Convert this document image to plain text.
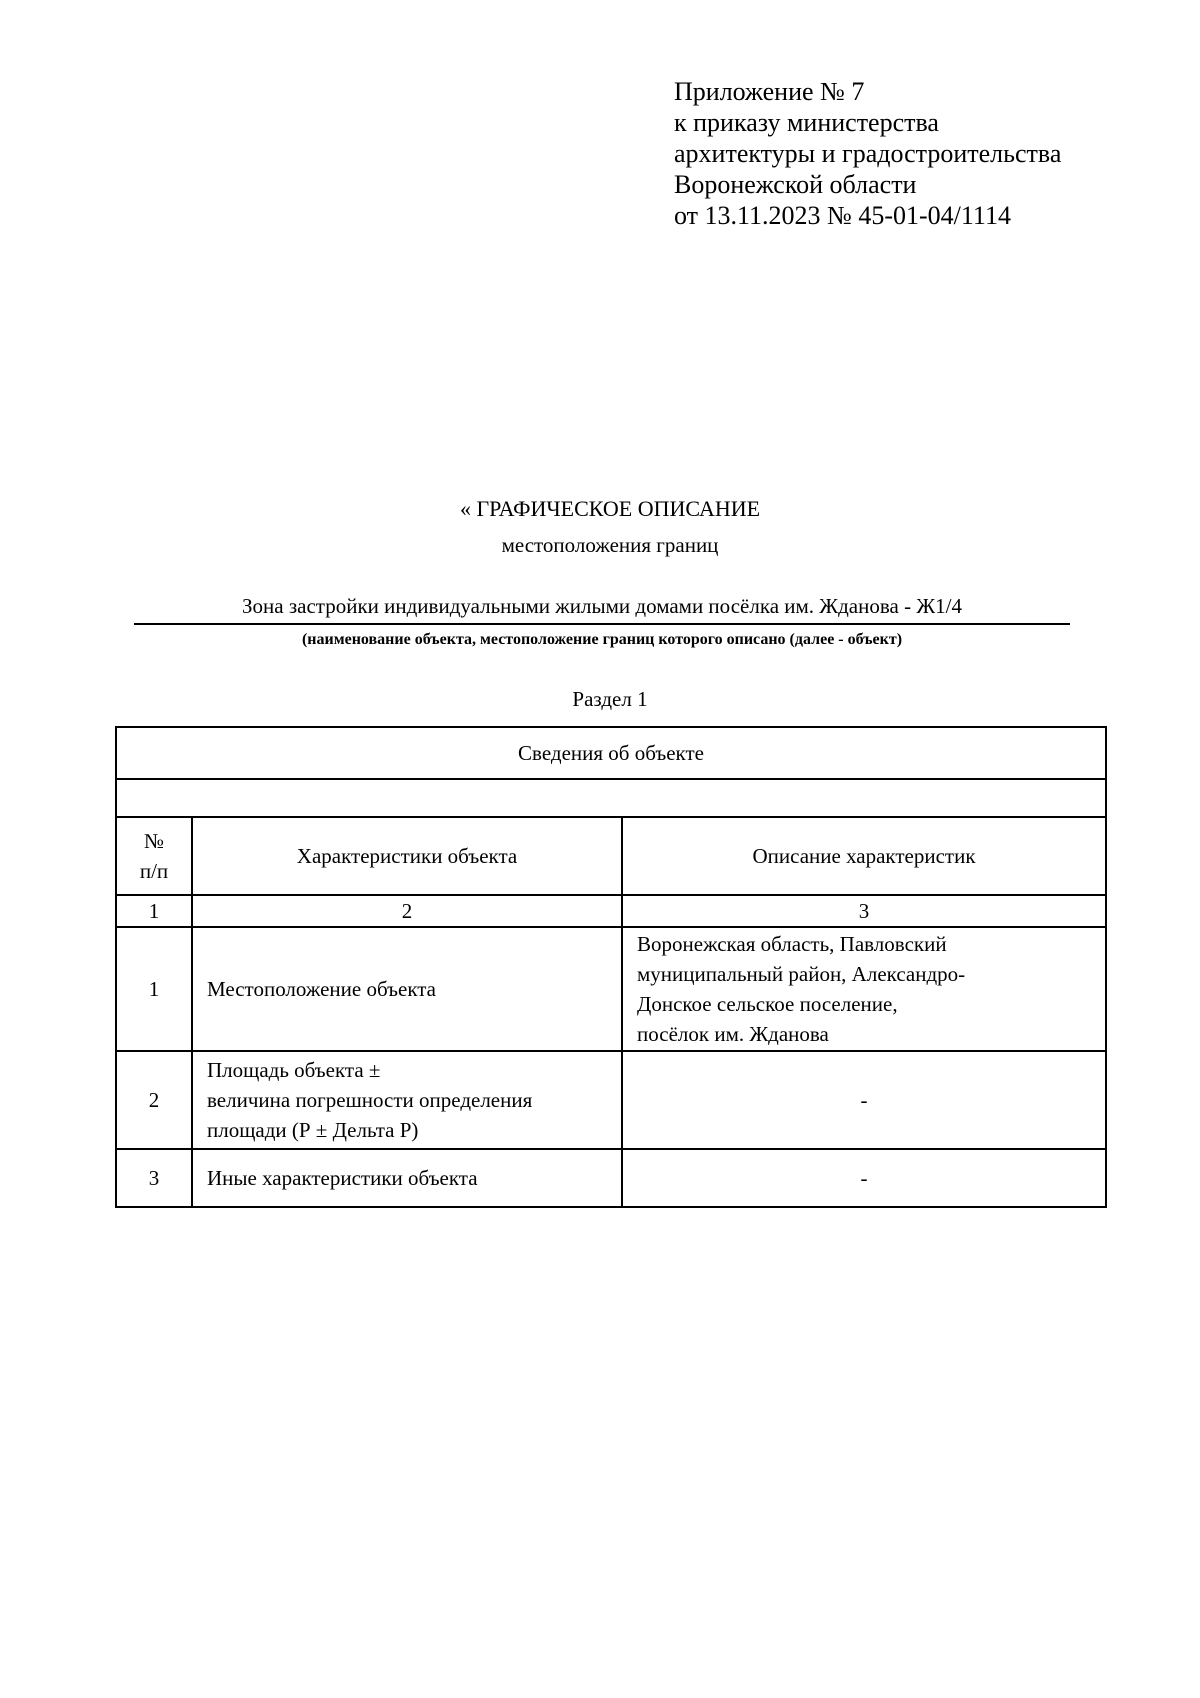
Приложение № 7
к приказу министерства
архитектуры и градостроительства
Воронежской области
от 13.11.2023 № 45-01-04/1114
« ГРАФИЧЕСКОЕ ОПИСАНИЕ
местоположения границ
Зона застройки индивидуальными жилыми домами посёлка им. Жданова - Ж1/4
(наименование объекта, местоположение границ которого описано (далее - объект)
Раздел 1
Сведения об объекте		

№
п/п	Характеристики объекта	Описание характеристик
1	2	3
1	Местоположение объекта	Воронежская область, Павловский
муниципальный район, Александро-
Донское сельское поселение,
посёлок им. Жданова

2	Площадь объекта ±
величина погрешности определения
площади (Р ± Дельта Р)	-

3	Иные характеристики объекта	-
